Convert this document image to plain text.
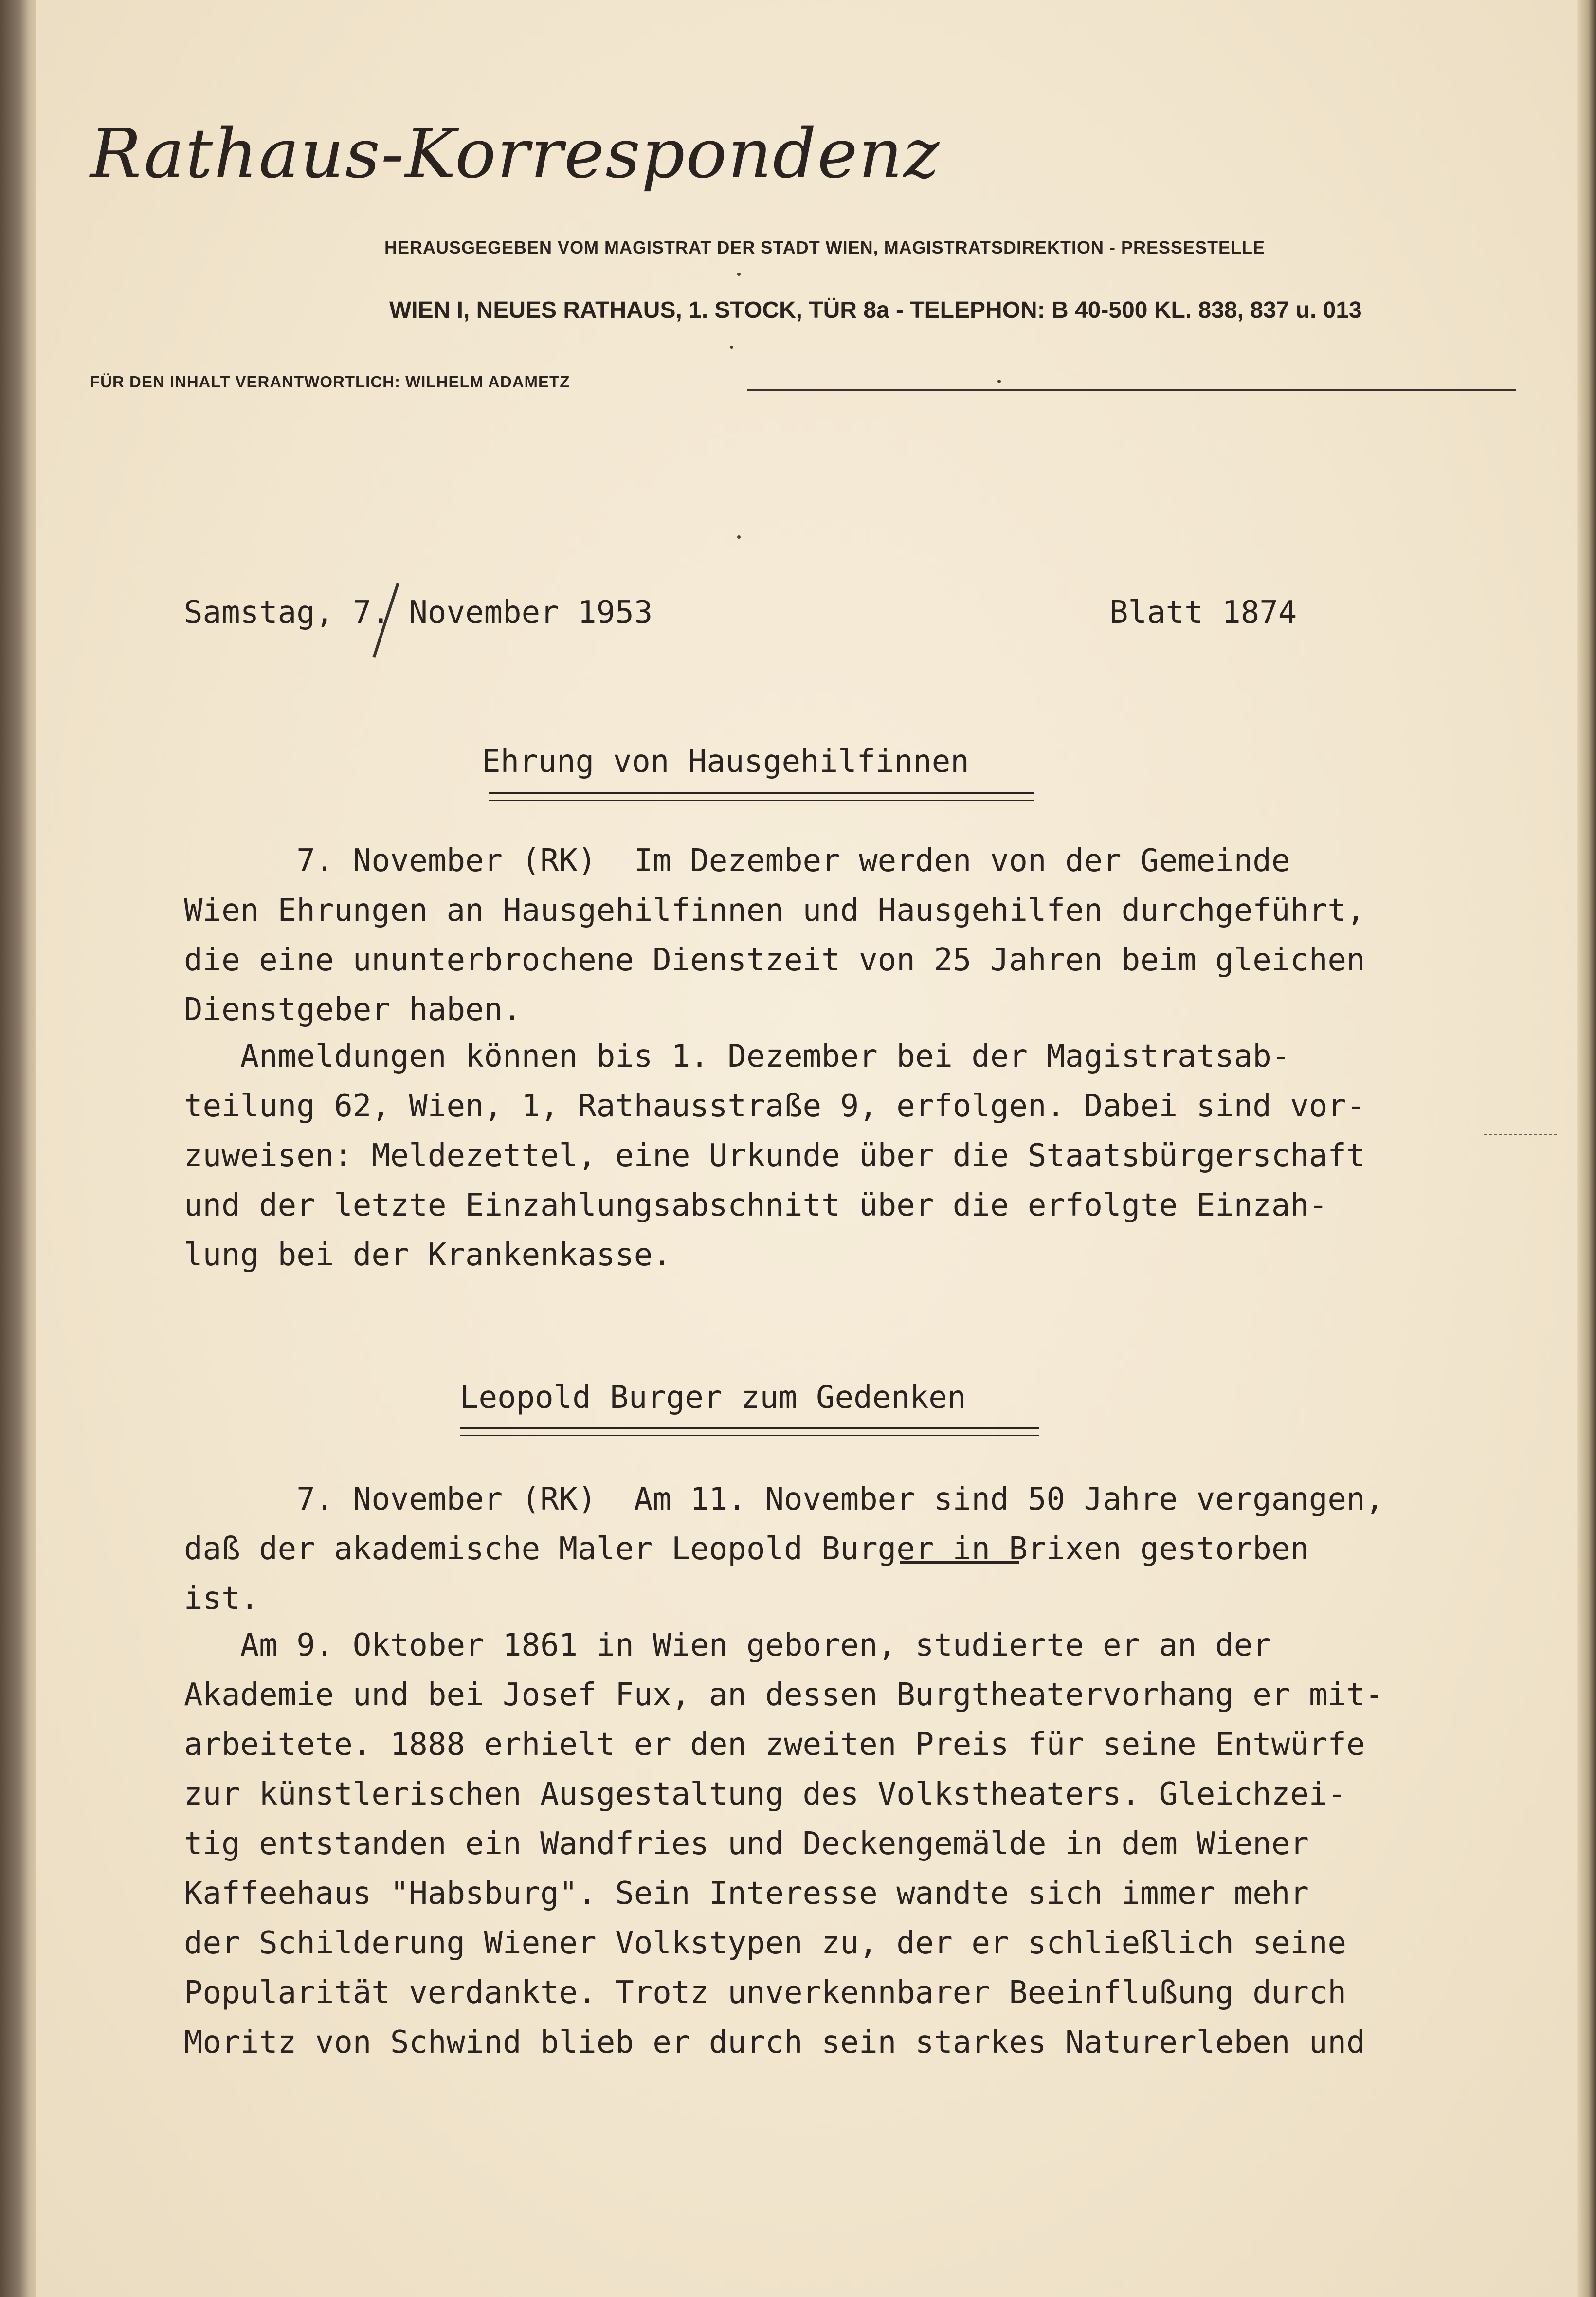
Rathaus-Korrespondenz
HERAUSGEGEBEN VOM MAGISTRAT DER STADT WIEN, MAGISTRATSDIREKTION - PRESSESTELLE
WIEN I, NEUES RATHAUS, 1. STOCK, TÜR 8a - TELEPHON: B 40-500 KL. 838, 837 u. 013
FÜR DEN INHALT VERANTWORTLICH: WILHELM ADAMETZ
Samstag, 7. November 1953	Blatt 1874
Ehrung von Hausgehilfinnen

7. November (RK)  Im Dezember werden von der Gemeinde
Wien Ehrungen an Hausgehilfinnen und Hausgehilfen durchgeführt,
die eine ununterbrochene Dienstzeit von 25 Jahren beim gleichen
Dienstgeber haben.

Anmeldungen können bis 1. Dezember bei der Magistratsab-
teilung 62, Wien, 1, Rathausstraße 9, erfolgen. Dabei sind vor-
zuweisen: Meldezettel, eine Urkunde über die Staatsbürgerschaft
und der letzte Einzahlungsabschnitt über die erfolgte Einzah-
lung bei der Krankenkasse.

Leopold Burger zum Gedenken

7. November (RK)  Am 11. November sind 50 Jahre vergangen,
daß der akademische Maler Leopold Burger in Brixen gestorben
ist.

Am 9. Oktober 1861 in Wien geboren, studierte er an der
Akademie und bei Josef Fux, an dessen Burgtheatervorhang er mit-
arbeitete. 1888 erhielt er den zweiten Preis für seine Entwürfe
zur künstlerischen Ausgestaltung des Volkstheaters. Gleichzei-
tig entstanden ein Wandfries und Deckengemälde in dem Wiener
Kaffeehaus "Habsburg". Sein Interesse wandte sich immer mehr
der Schilderung Wiener Volkstypen zu, der er schließlich seine
Popularität verdankte. Trotz unverkennbarer Beeinflußung durch
Moritz von Schwind blieb er durch sein starkes Naturerleben und
